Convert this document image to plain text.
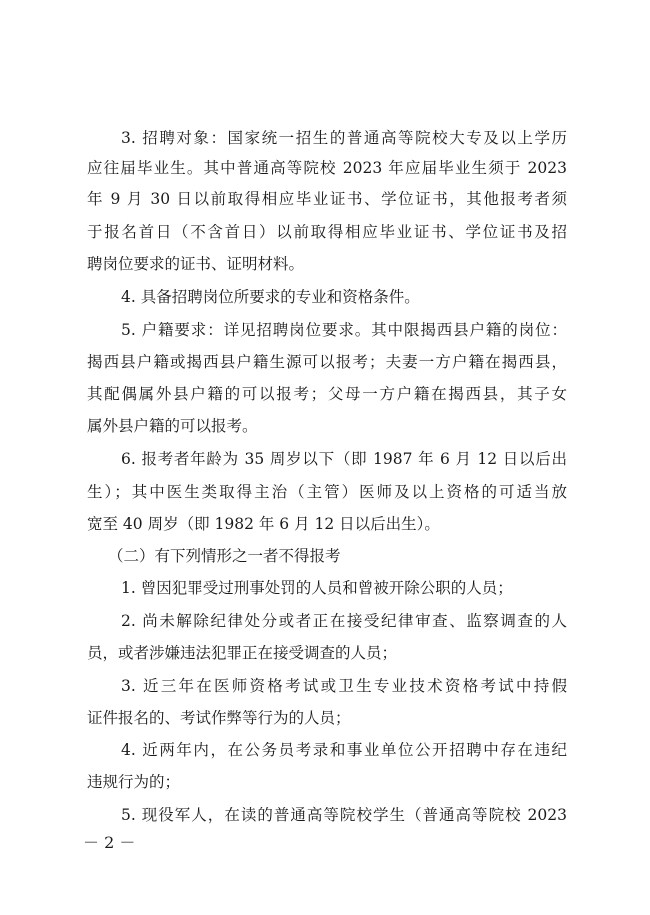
3. 招聘对象：国家统一招生的普通高等院校大专及以上学历
应往届毕业生。其中普通高等院校 2023 年应届毕业生须于 2023
年 9 月 30 日以前取得相应毕业证书、学位证书，其他报考者须
于报名首日（不含首日）以前取得相应毕业证书、学位证书及招
聘岗位要求的证书、证明材料。
4. 具备招聘岗位所要求的专业和资格条件。
5. 户籍要求：详见招聘岗位要求。其中限揭西县户籍的岗位：
揭西县户籍或揭西县户籍生源可以报考；夫妻一方户籍在揭西县，
其配偶属外县户籍的可以报考；父母一方户籍在揭西县，其子女
属外县户籍的可以报考。
6. 报考者年龄为 35 周岁以下（即 1987 年 6 月 12 日以后出
生）；其中医生类取得主治（主管）医师及以上资格的可适当放
宽至 40 周岁（即 1982 年 6 月 12 日以后出生）。
（二）有下列情形之一者不得报考
1. 曾因犯罪受过刑事处罚的人员和曾被开除公职的人员；
2. 尚未解除纪律处分或者正在接受纪律审查、监察调查的人
员，或者涉嫌违法犯罪正在接受调查的人员；
3. 近三年在医师资格考试或卫生专业技术资格考试中持假
证件报名的、考试作弊等行为的人员；
4. 近两年内，在公务员考录和事业单位公开招聘中存在违纪
违规行为的；
5. 现役军人，在读的普通高等院校学生（普通高等院校 2023
－ 2 －
